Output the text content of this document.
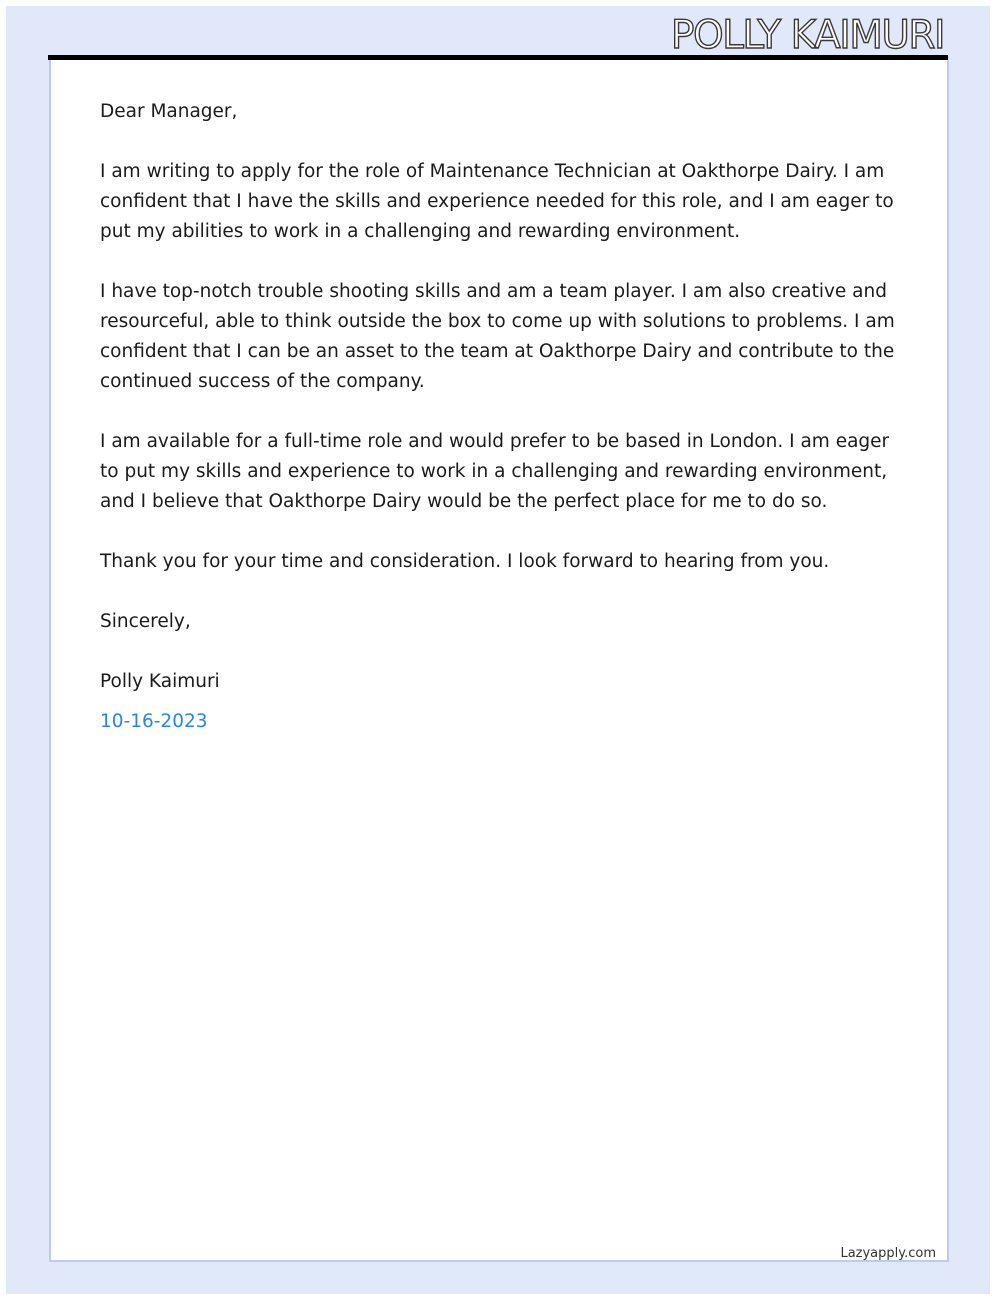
POLLY KAIMURI

Dear Manager,

I am writing to apply for the role of Maintenance Technician at Oakthorpe Dairy. I am confident that I have the skills and experience needed for this role, and I am eager to put my abilities to work in a challenging and rewarding environment.

I have top-notch trouble shooting skills and am a team player. I am also creative and resourceful, able to think outside the box to come up with solutions to problems. I am confident that I can be an asset to the team at Oakthorpe Dairy and contribute to the continued success of the company.

I am available for a full-time role and would prefer to be based in London. I am eager to put my skills and experience to work in a challenging and rewarding environment, and I believe that Oakthorpe Dairy would be the perfect place for me to do so.

Thank you for your time and consideration. I look forward to hearing from you.

Sincerely,

Polly Kaimuri

10-16-2023

Lazyapply.com
